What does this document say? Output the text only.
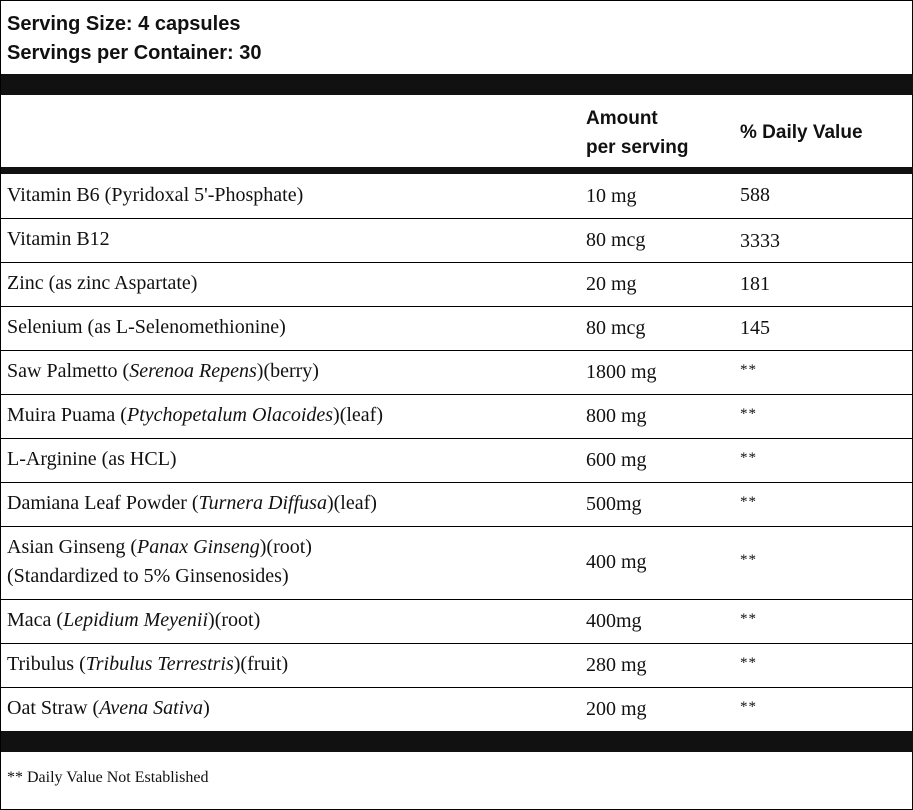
Serving Size: 4 capsules
Servings per Container: 30
Amount
per serving
% Daily Value
Vitamin B6 (Pyridoxal 5'-Phosphate)	10 mg	588
Vitamin B12	80 mcg	3333
Zinc (as zinc Aspartate)	20 mg	181
Selenium (as L-Selenomethionine)	80 mcg	145
Saw Palmetto (Serenoa Repens)(berry)	1800 mg	**
Muira Puama (Ptychopetalum Olacoides)(leaf)	800 mg	**
L-Arginine (as HCL)	600 mg	**
Damiana Leaf Powder (Turnera Diffusa)(leaf)	500mg	**
Asian Ginseng (Panax Ginseng)(root)
(Standardized to 5% Ginsenosides)
400 mg	**
Maca (Lepidium Meyenii)(root)	400mg	**
Tribulus (Tribulus Terrestris)(fruit)	280 mg	**
Oat Straw (Avena Sativa)	200 mg	**
** Daily Value Not Established
